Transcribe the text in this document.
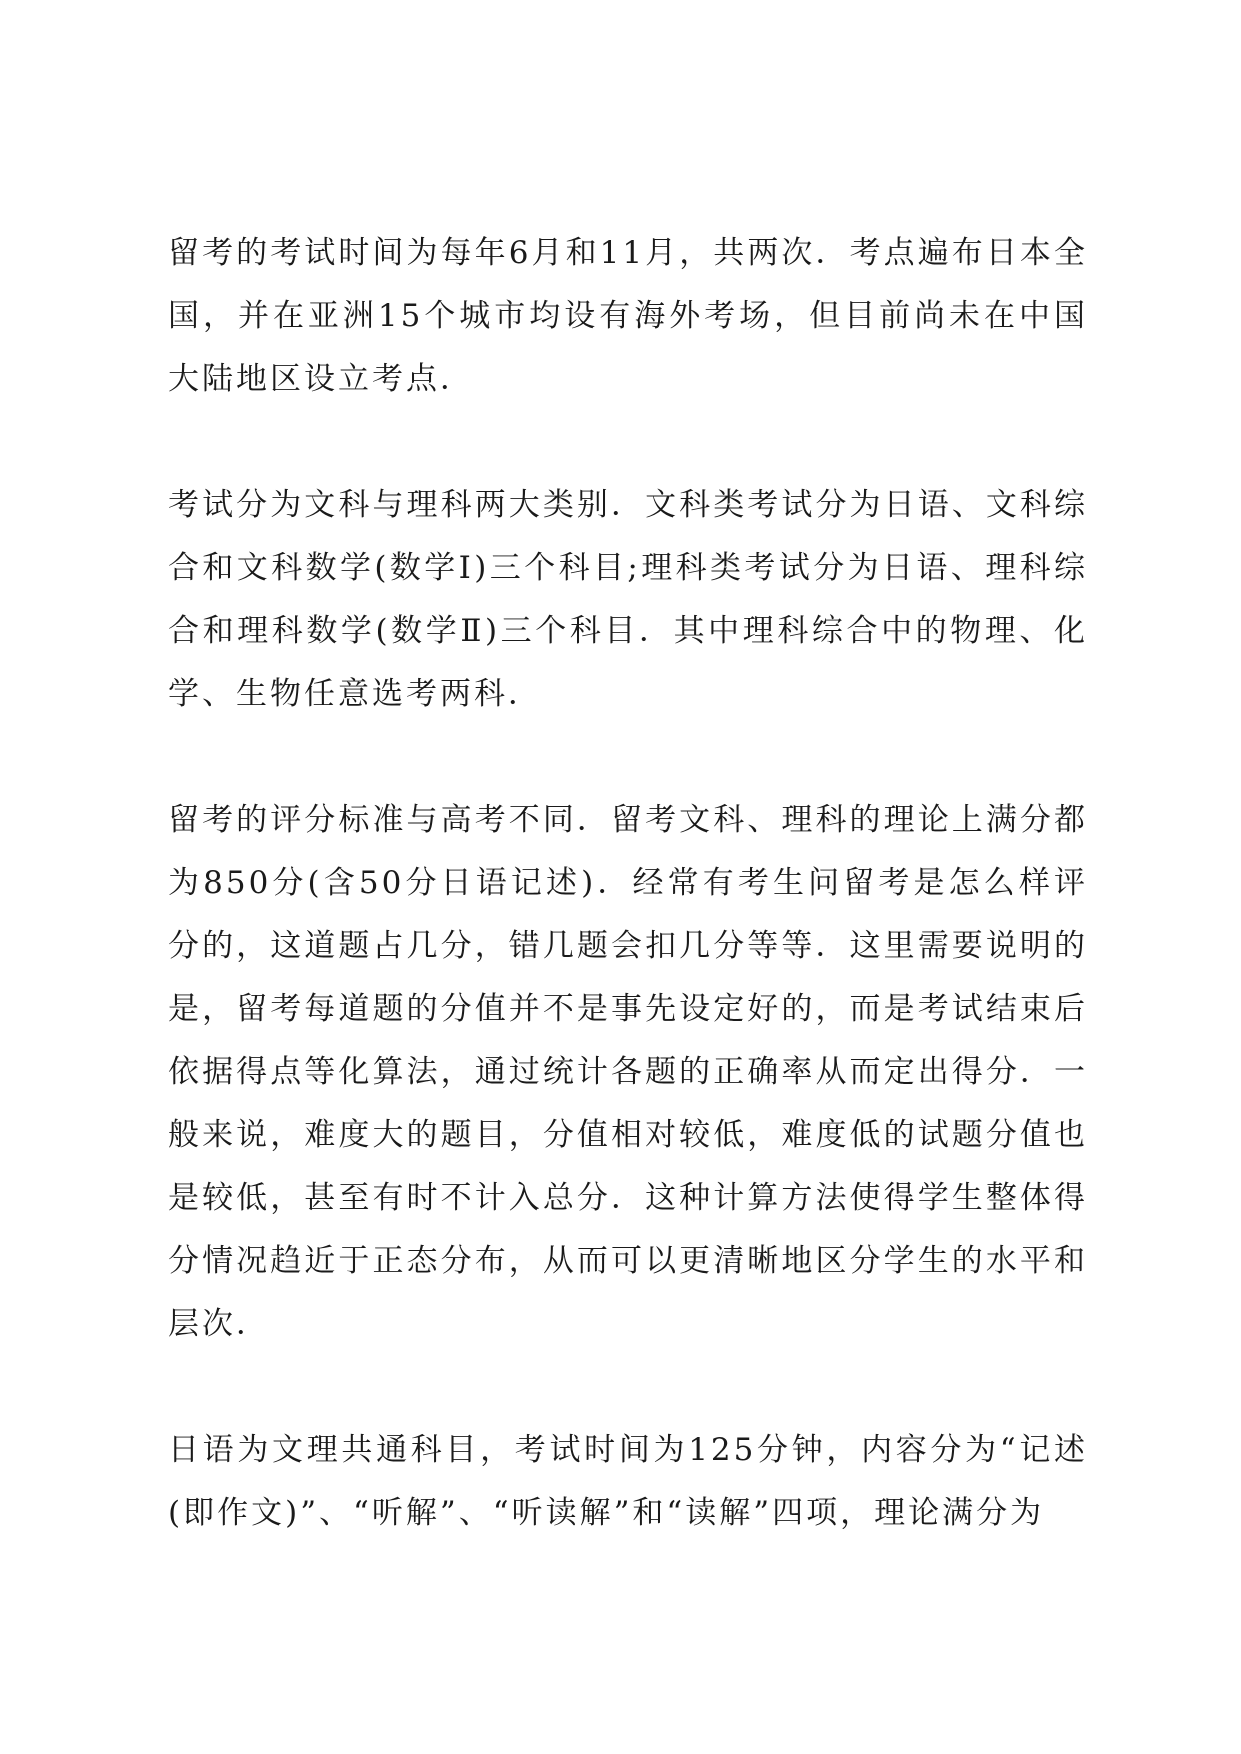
留考的考试时间为每年6月和11月，共两次．考点遍布日本全国，并在亚洲15个城市均设有海外考场，但目前尚未在中国大陆地区设立考点．

考试分为文科与理科两大类别．文科类考试分为日语、文科综合和文科数学(数学Ⅰ)三个科目;理科类考试分为日语、理科综合和理科数学(数学Ⅱ)三个科目．其中理科综合中的物理、化学、生物任意选考两科．

留考的评分标准与高考不同．留考文科、理科的理论上满分都为850分(含50分日语记述)．经常有考生问留考是怎么样评分的，这道题占几分，错几题会扣几分等等．这里需要说明的是，留考每道题的分值并不是事先设定好的，而是考试结束后依据得点等化算法，通过统计各题的正确率从而定出得分．一般来说，难度大的题目，分值相对较低，难度低的试题分值也是较低，甚至有时不计入总分．这种计算方法使得学生整体得分情况趋近于正态分布，从而可以更清晰地区分学生的水平和层次．

日语为文理共通科目，考试时间为125分钟，内容分为“记述(即作文)”、“听解”、“听读解”和“读解”四项，理论满分为
